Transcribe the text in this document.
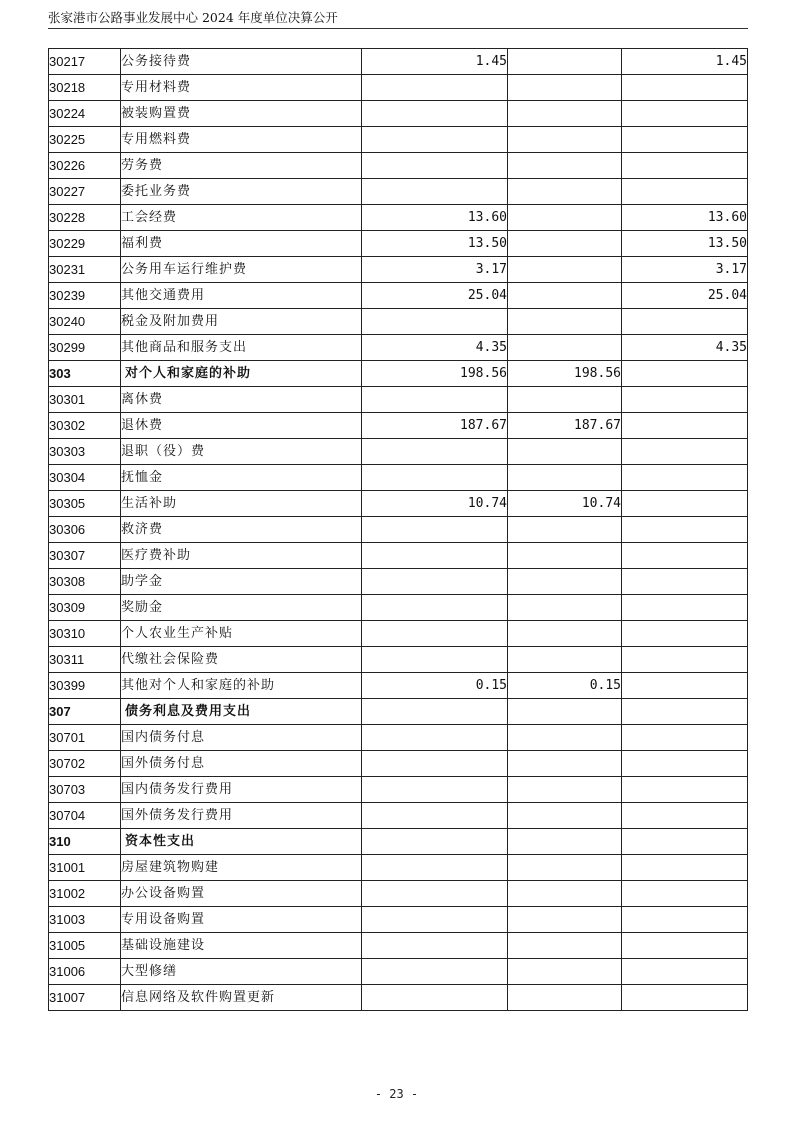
张家港市公路事业发展中心 2024 年度单位决算公开
30217	公务接待费	1.45		1.45
30218	专用材料费			
30224	被装购置费			
30225	专用燃料费			
30226	劳务费			
30227	委托业务费			
30228	工会经费	13.60		13.60
30229	福利费	13.50		13.50
30231	公务用车运行维护费	3.17		3.17
30239	其他交通费用	25.04		25.04
30240	税金及附加费用			
30299	其他商品和服务支出	4.35		4.35
303	对个人和家庭的补助	198.56	198.56	
30301	离休费			
30302	退休费	187.67	187.67	
30303	退职（役）费			
30304	抚恤金			
30305	生活补助	10.74	10.74	
30306	救济费			
30307	医疗费补助			
30308	助学金			
30309	奖励金			
30310	个人农业生产补贴			
30311	代缴社会保险费			
30399	其他对个人和家庭的补助	0.15	0.15	
307	债务利息及费用支出			
30701	国内债务付息			
30702	国外债务付息			
30703	国内债务发行费用			
30704	国外债务发行费用			
310	资本性支出			
31001	房屋建筑物购建			
31002	办公设备购置			
31003	专用设备购置			
31005	基础设施建设			
31006	大型修缮			
31007	信息网络及软件购置更新			
- 23 -
